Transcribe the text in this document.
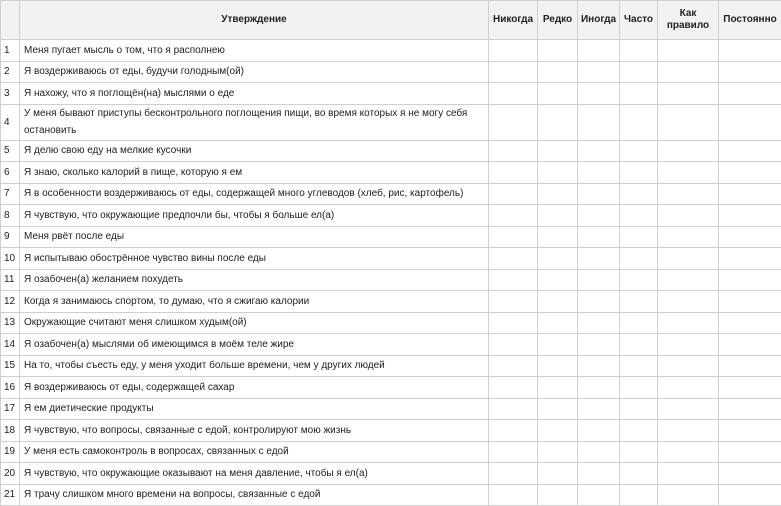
	Утверждение	Никогда	Редко	Иногда	Часто	Как правило	Постоянно
1	Меня пугает мысль о том, что я располнею						
2	Я воздерживаюсь от еды, будучи голодным(ой)						
3	Я нахожу, что я поглощён(на) мыслями о еде						
4	У меня бывают приступы бесконтрольного поглощения пищи, во время которых я не могу себя остановить						
5	Я делю свою еду на мелкие кусочки						
6	Я знаю, сколько калорий в пище, которую я ем						
7	Я в особенности воздерживаюсь от еды, содержащей много углеводов (хлеб, рис, картофель)						
8	Я чувствую, что окружающие предпочли бы, чтобы я больше ел(а)						
9	Меня рвёт после еды						
10	Я испытываю обострённое чувство вины после еды						
11	Я озабочен(а) желанием похудеть						
12	Когда я занимаюсь спортом, то думаю, что я сжигаю калории						
13	Окружающие считают меня слишком худым(ой)						
14	Я озабочен(а) мыслями об имеющимся в моём теле жире						
15	На то, чтобы съесть еду, у меня уходит больше времени, чем у других людей						
16	Я воздерживаюсь от еды, содержащей сахар						
17	Я ем диетические продукты						
18	Я чувствую, что вопросы, связанные с едой, контролируют мою жизнь						
19	У меня есть самоконтроль в вопросах, связанных с едой						
20	Я чувствую, что окружающие оказывают на меня давление, чтобы я ел(а)						
21	Я трачу слишком много времени на вопросы, связанные с едой						
